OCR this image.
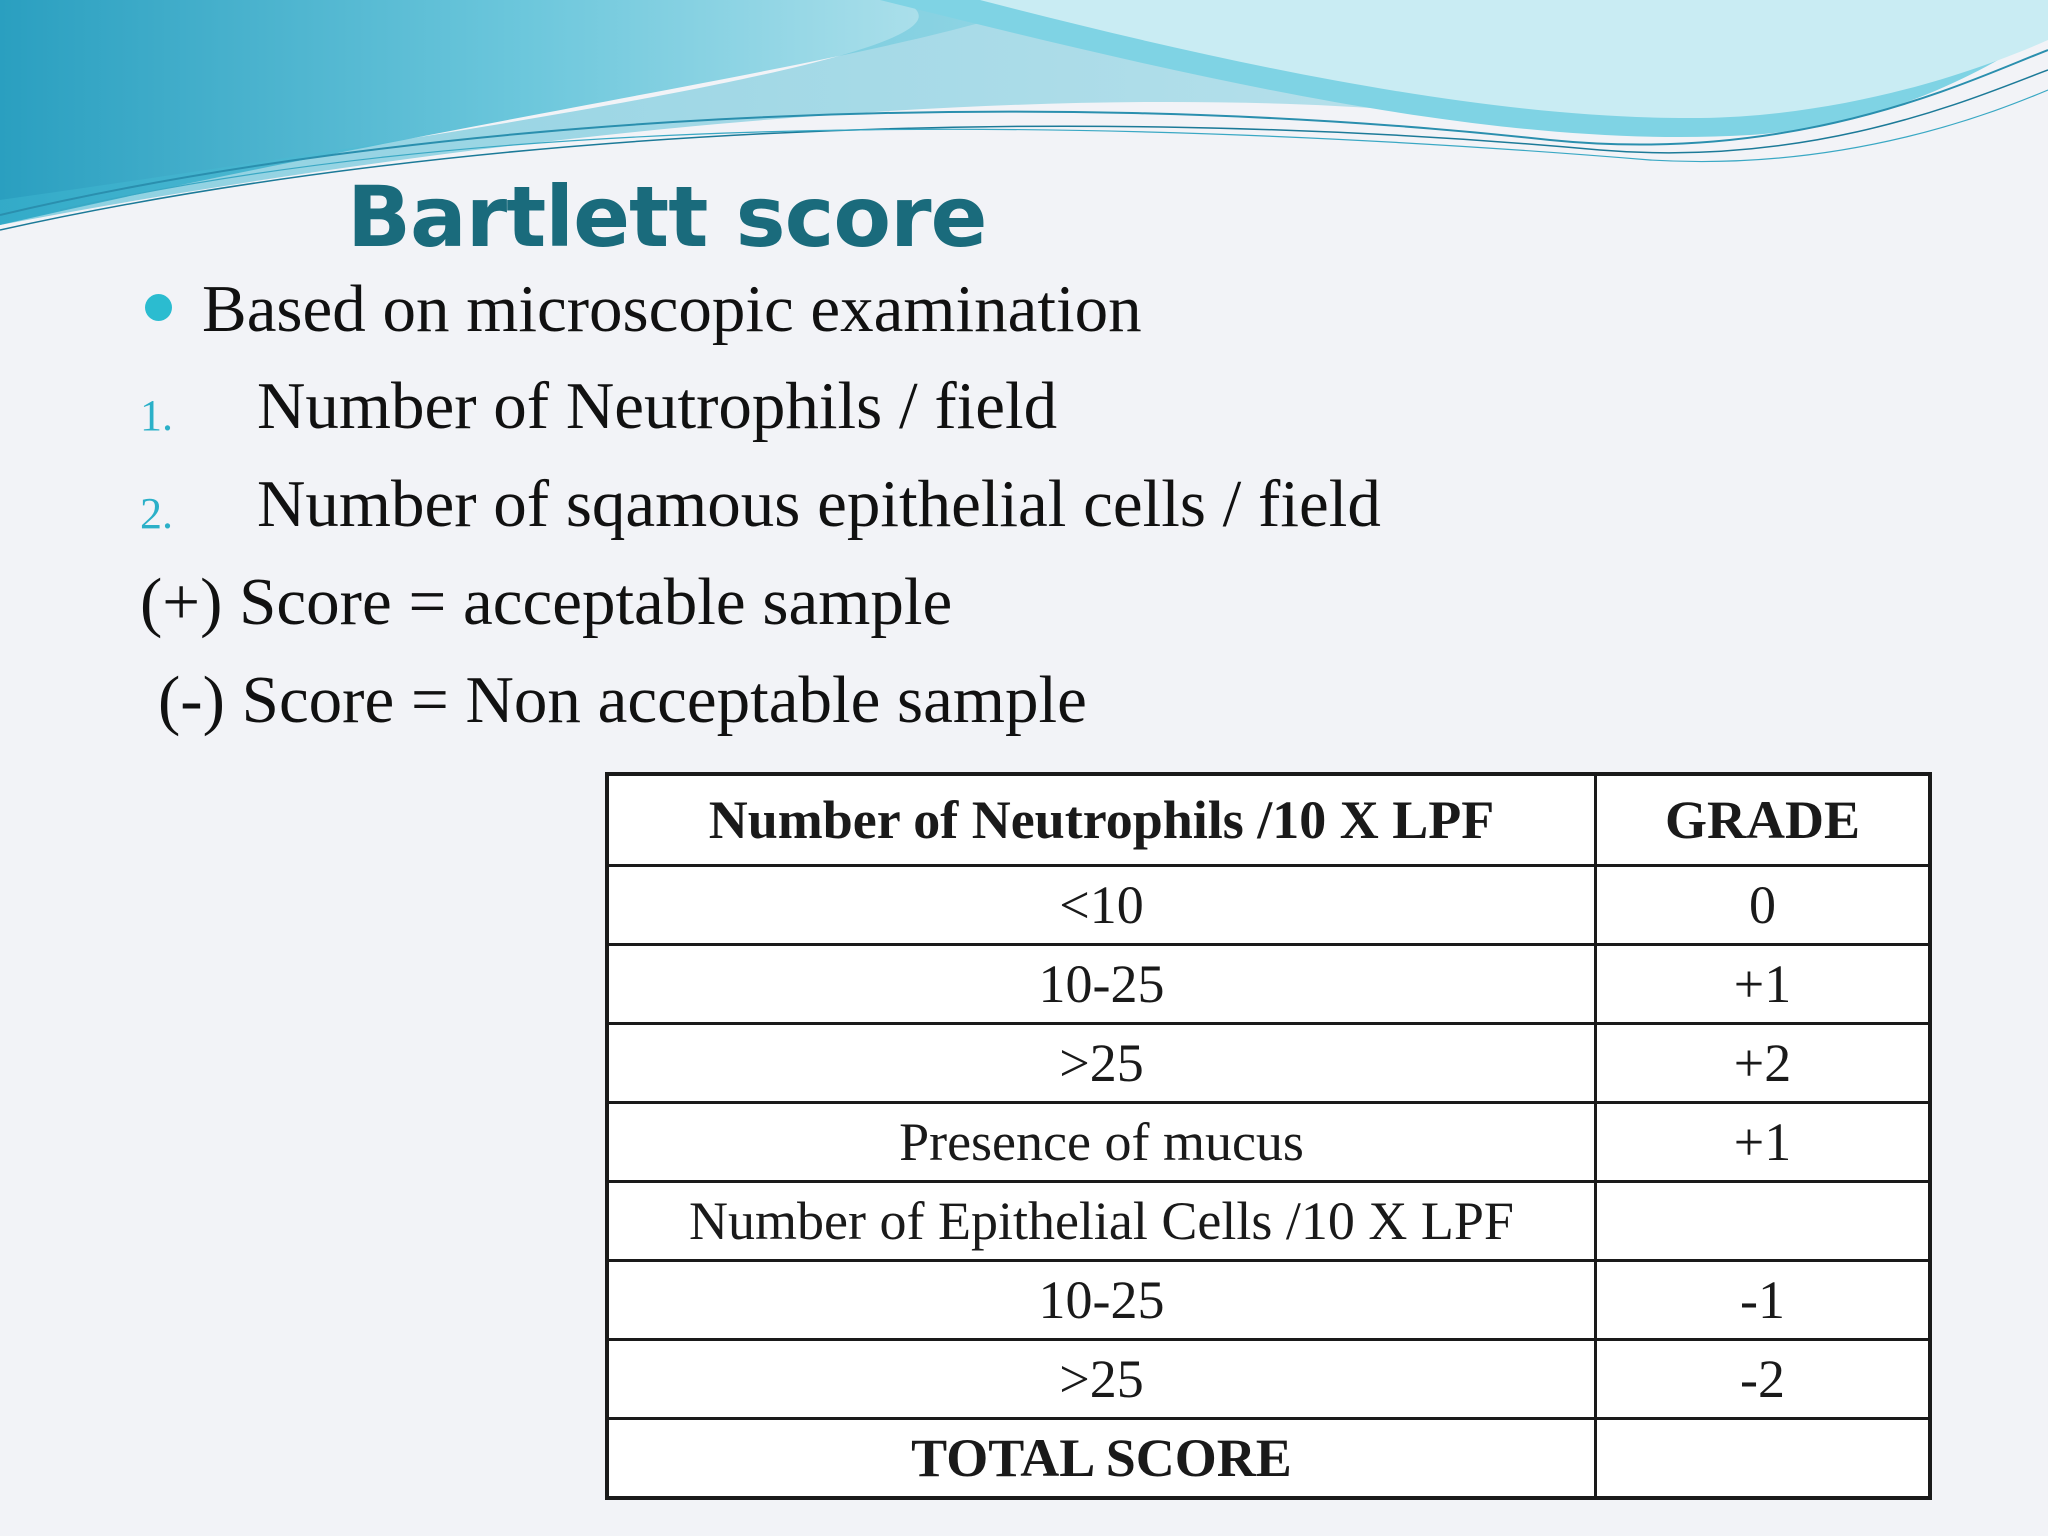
Bartlett score
Based on microscopic examination
1. Number of Neutrophils / field
2. Number of sqamous epithelial cells / field
(+) Score = acceptable sample
(-) Score = Non acceptable sample
Number of Neutrophils /10 X LPF	GRADE
<10	0
10-25	+1
>25	+2
Presence of mucus	+1
Number of Epithelial Cells /10 X LPF	
10-25	-1
>25	-2
TOTAL SCORE	
